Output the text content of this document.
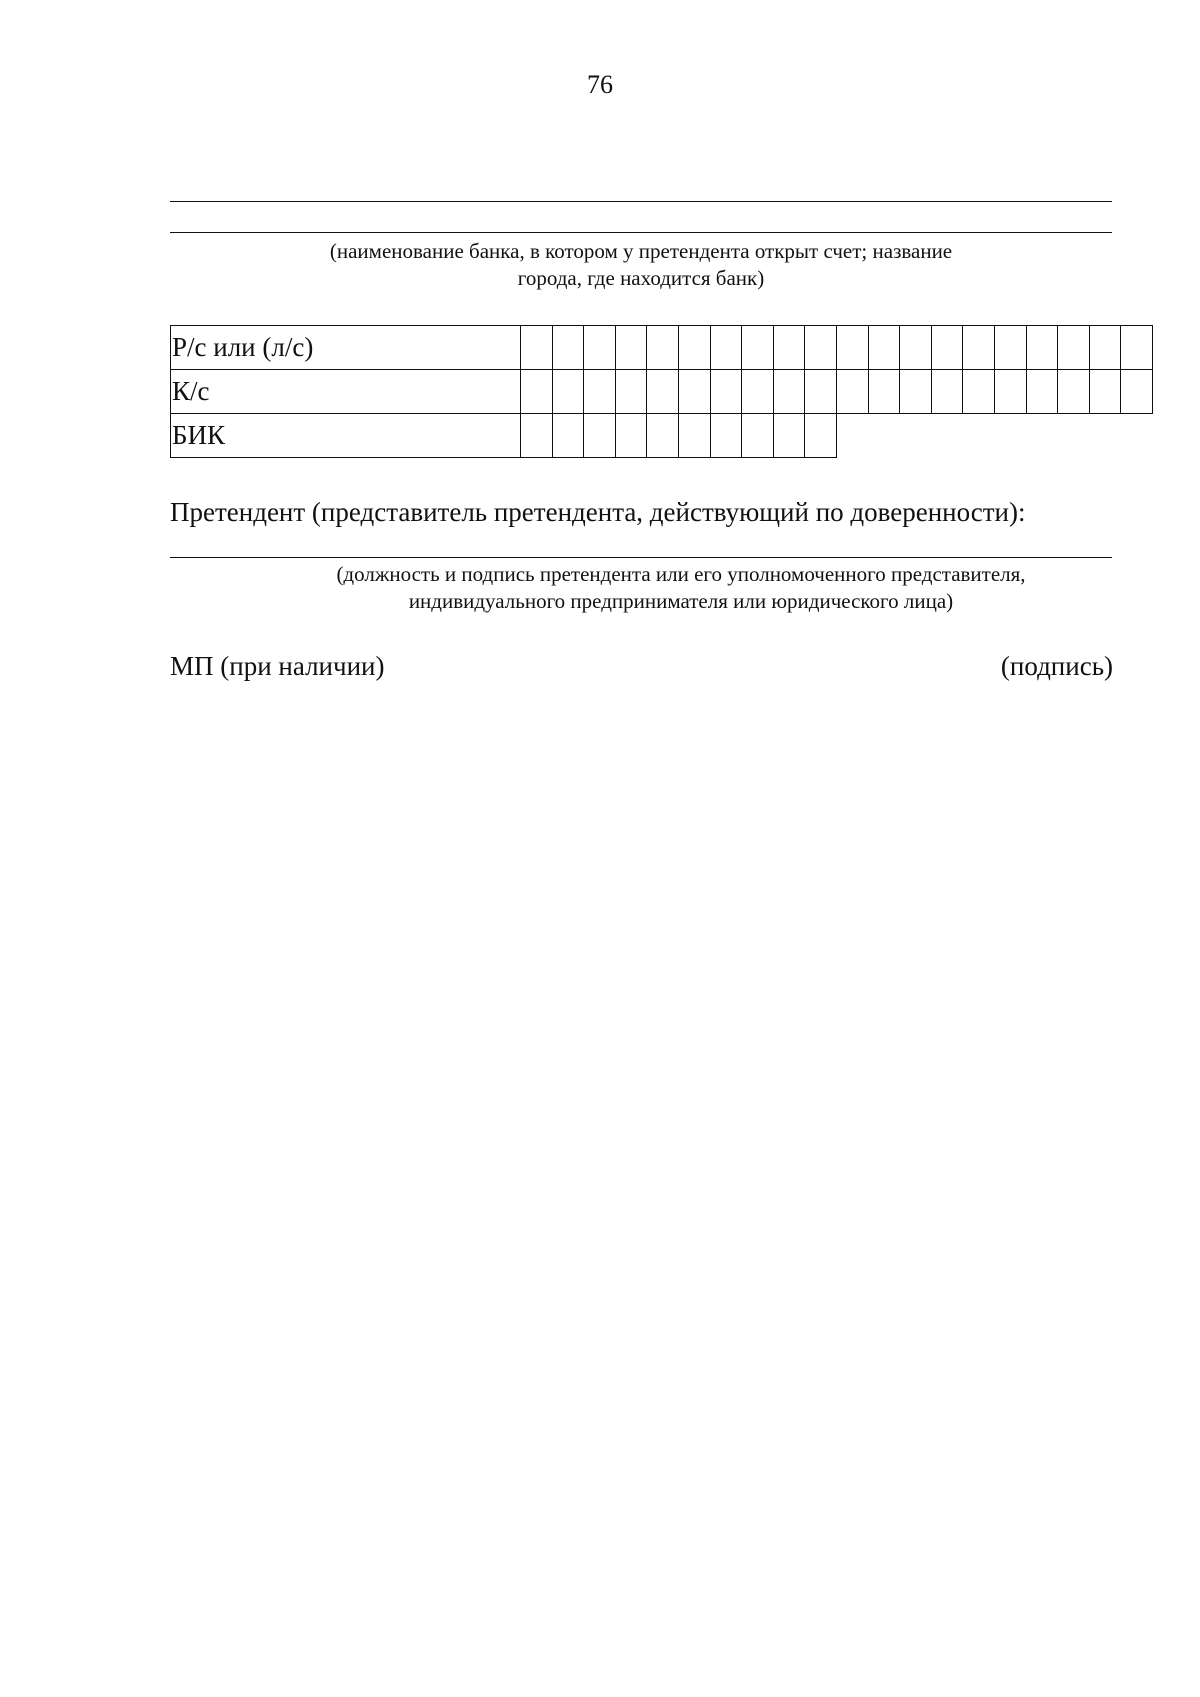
76
(наименование банка, в котором у претендента открыт счет; название
города, где находится банк)
Р/с или (л/с)																				
К/с																				
БИК																				
Претендент (представитель претендента, действующий по доверенности):
(должность и подпись претендента или его уполномоченного представителя,
индивидуального предпринимателя или юридического лица)
МП (при наличии)	(подпись)
